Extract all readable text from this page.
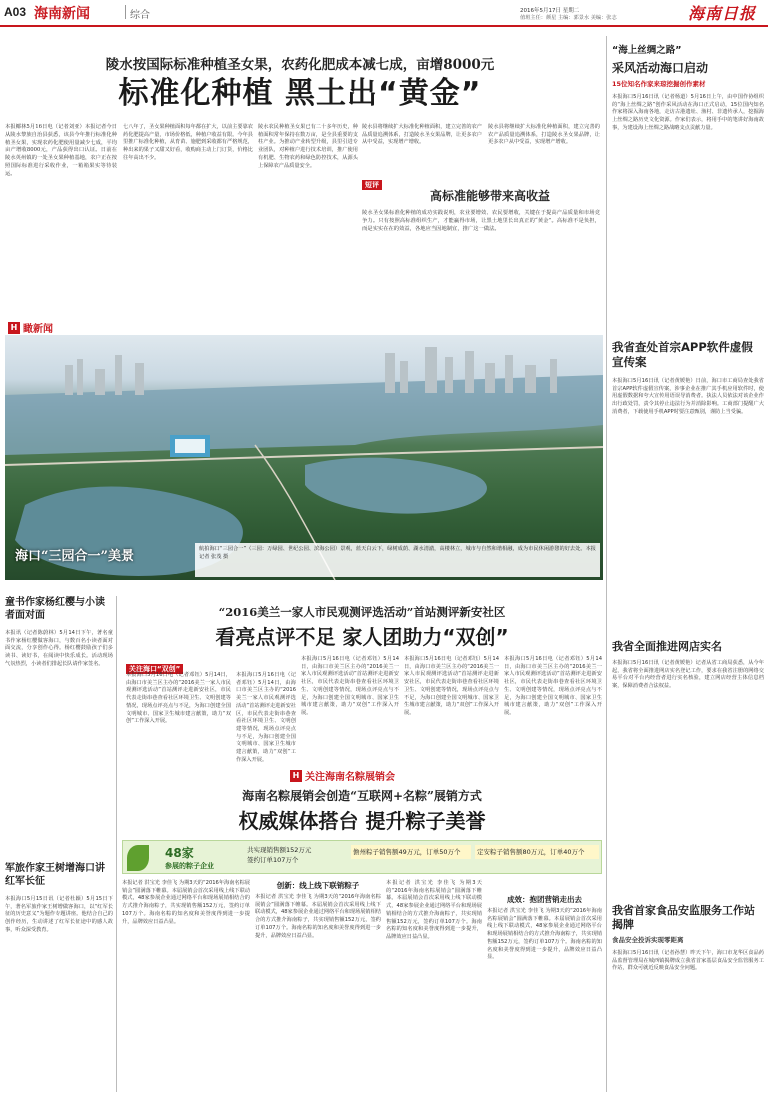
A03 海南新闻	综合	2016年5月17日 星期二
值班主任：颜星 主编：郭景水 美编：张志	海南日报
陵水按国际标准种植圣女果，农药化肥成本减七成，亩增8000元
标准化种植 黑土出“黄金”
本报椰林5月16日电（记者刘亚）本报记者今日从陵水黎族自治县获悉，该县今年推行标准化种植圣女果，实现农药化肥使用量减少七成，平均亩产增收8000元，产品获得出口认证。日前在陵水英州镇的一处圣女果种植基地，农户正在按照国际标准进行采收作业，一箱箱果实等待装运。
七八年了，圣女果种植面积每年都在扩大，以前主要靠农药化肥提高产量，市场价格低，种植户收益有限。今年县里推广标准化种植，从育苗、施肥到采收都有严格规范，种出来的果子又甜又好看，收购商主动上门订货，价格比往年高出不少。
陵水农民种植圣女果已有二十多年历史，种植面积常年保持在数万亩，是全县重要的支柱产业。为推动产业转型升级，县里引进专业团队，对种植户进行技术培训，推广使用有机肥、生物农药和绿色防控技术，从源头上保障农产品质量安全。
陵水县将继续扩大标准化种植面积，建立完善的农产品质量追溯体系，打造陵水圣女果品牌，让更多农户从中受益，实现增产增收。
陵水县将继续扩大标准化种植面积，建立完善的农产品质量追溯体系，打造陵水圣女果品牌，让更多农户从中受益，实现增产增收。
短评
高标准能够带来高收益
陵水圣女果标准化种植的成功实践说明，农业要增效、农民要增收，关键在于提高产品质量和市场竞争力。只有按照高标准组织生产，才能赢得市场，让黑土地里长出真正的“黄金”。高标准不是负担，而是实实在在的效益，各地应当因地制宜，推广这一做法。
“海上丝绸之路”
采风活动海口启动
15位知名作家来琼挖掘创作素材
本报海口5月16日讯（记者杨道）5月16日上午，由中国作协组织的“海上丝绸之路”创作采风活动在海口正式启动，15位国内知名作家将深入海南各地，走访古港遗址、渔村、非遗传承人，挖掘海上丝绸之路历史文化资源。作家们表示，将用手中的笔讲好海南故事，为建设海上丝绸之路战略支点贡献力量。
H 瞰新闻
海口“三园合一”美景	航拍海口“三园合一”（三园：万绿园、世纪公园、滨海公园）景观，蓝天白云下，绿树成荫、湖水清澈，高楼林立，城市与自然和谐相融，成为市民休闲游憩的好去处。本报记者 张茂 摄
我省查处首宗APP软件虚假宣传案
本报海口5月16日讯（记者黄媛艳）日前，海口市工商局查处我省首宗APP软件虚假宣传案，涉事企业在推广其手机应用软件时，使用虚假数据和夸大宣传用语误导消费者。执法人员依法对该企业作出行政处罚，责令其停止违法行为并消除影响。工商部门提醒广大消费者，下载使用手机APP时要注意甄别，谨防上当受骗。
童书作家杨红樱与小读者面对面
本报讯（记者陈蔚林）5月14日下午，著名童书作家杨红樱做客海口，与数百名小读者面对面交流，分享创作心得。杨红樱鼓励孩子们多读书、读好书，在阅读中快乐成长。活动现场气氛热烈，小读者们排起长队请作家签名。
“2016美兰一家人市民观测评选活动”首站测评新安社区
看亮点评不足 家人团助力“双创”
关注海口“双创”
本报海口5月16日电（记者邓钰）5月14日，由海口市美兰区主办的“2016美兰一家人市民观测评选活动”首站测评走进新安社区，市民代表走街串巷查看社区环境卫生、文明创建等情况，现场点评亮点与不足，为海口创建全国文明城市、国家卫生城市建言献策，助力“双创”工作深入开展。
本报海口5月16日电（记者邓钰）5月14日，由海口市美兰区主办的“2016美兰一家人市民观测评选活动”首站测评走进新安社区，市民代表走街串巷查看社区环境卫生、文明创建等情况，现场点评亮点与不足，为海口创建全国文明城市、国家卫生城市建言献策，助力“双创”工作深入开展。
本报海口5月16日电（记者邓钰）5月14日，由海口市美兰区主办的“2016美兰一家人市民观测评选活动”首站测评走进新安社区，市民代表走街串巷查看社区环境卫生、文明创建等情况，现场点评亮点与不足，为海口创建全国文明城市、国家卫生城市建言献策，助力“双创”工作深入开展。
本报海口5月16日电（记者邓钰）5月14日，由海口市美兰区主办的“2016美兰一家人市民观测评选活动”首站测评走进新安社区，市民代表走街串巷查看社区环境卫生、文明创建等情况，现场点评亮点与不足，为海口创建全国文明城市、国家卫生城市建言献策，助力“双创”工作深入开展。
本报海口5月16日电（记者邓钰）5月14日，由海口市美兰区主办的“2016美兰一家人市民观测评选活动”首站测评走进新安社区，市民代表走街串巷查看社区环境卫生、文明创建等情况，现场点评亮点与不足，为海口创建全国文明城市、国家卫生城市建言献策，助力“双创”工作深入开展。
我省全面推进网店实名
本报海口5月16日讯（记者黄媛艳）记者从省工商局获悉，从今年起，我省将全面推进网店实名登记工作，要求在我省注册的网络交易平台对平台内经营者进行实名核验，建立网店经营主体信息档案，保障消费者合法权益。
H 关注海南名粽展销会
海南名粽展销会创造“互联网+名粽”展销方式
权威媒体搭台 提升粽子美誉
48家
参展的粽子企业
共实现销售额152万元
签约订单107万个
儋州粽子销售额49万元，订单50万个	定安粽子销售额80万元，订单40万个
本报记者 洪宝光 李佳飞 为期3天的“2016年海南名粽展销会”圆满落下帷幕。本届展销会首次采用线上线下联动模式，48家参展企业通过网络平台和现场展销相结合的方式推介海南粽子，共实现销售额152万元，签约订单107万个。海南名粽的知名度和美誉度得到进一步提升，品牌效应日益凸显。
创新：线上线下联销粽子
本报记者 洪宝光 李佳飞 为期3天的“2016年海南名粽展销会”圆满落下帷幕。本届展销会首次采用线上线下联动模式，48家参展企业通过网络平台和现场展销相结合的方式推介海南粽子，共实现销售额152万元，签约订单107万个。海南名粽的知名度和美誉度得到进一步提升，品牌效应日益凸显。
本报记者 洪宝光 李佳飞 为期3天的“2016年海南名粽展销会”圆满落下帷幕。本届展销会首次采用线上线下联动模式，48家参展企业通过网络平台和现场展销相结合的方式推介海南粽子，共实现销售额152万元，签约订单107万个。海南名粽的知名度和美誉度得到进一步提升，品牌效应日益凸显。
成效：抱团营销走出去
本报记者 洪宝光 李佳飞 为期3天的“2016年海南名粽展销会”圆满落下帷幕。本届展销会首次采用线上线下联动模式，48家参展企业通过网络平台和现场展销相结合的方式推介海南粽子，共实现销售额152万元，签约订单107万个。海南名粽的知名度和美誉度得到进一步提升，品牌效应日益凸显。
军旅作家王树增海口讲红军长征
本报海口5月15日讯（记者杜颖）5月15日下午，著名军旅作家王树增做客海口，以“红军长征的历史意义”为题作专题讲座。他结合自己的创作经历，生动讲述了红军长征途中的感人故事，听众深受教育。
我省首家食品安监服务工作站揭牌
食品安全投诉实现零距离
本报海口5月16日讯（记者孙慧）昨天下午，海口市龙华区食品药品监督管理局在城西镇揭牌成立我省首家基层食品安全监管服务工作站，群众可就近反映食品安全问题。
